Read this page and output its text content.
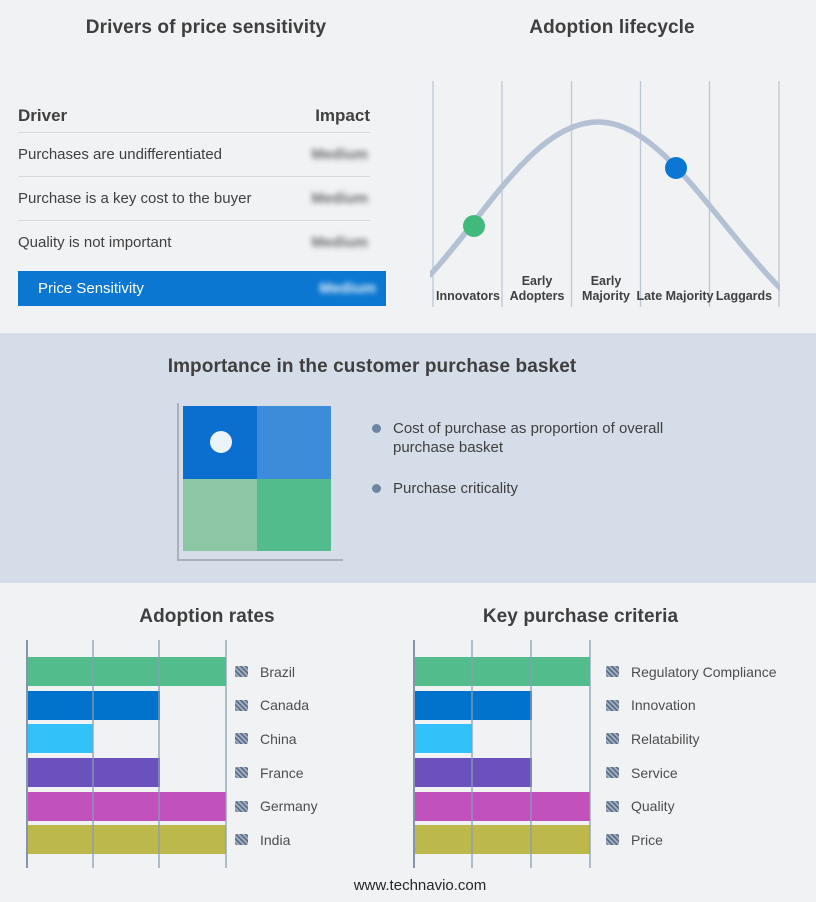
Drivers of price sensitivity
Driver	Impact
Purchases are undifferentiated	Medium
Purchase is a key cost to the buyer	Medium
Quality is not important	Medium
Price Sensitivity	Medium
Adoption lifecycle
Innovators
Early Adopters
Early Majority Late Majority Laggards
Importance in the customer purchase basket
Cost of purchase as proportion of overall purchase basket
Purchase criticality
Adoption rates
Brazil
Canada
China
France
Germany
India
Key purchase criteria
Regulatory Compliance
Innovation
Relatability
Service
Quality
Price
www.technavio.com
